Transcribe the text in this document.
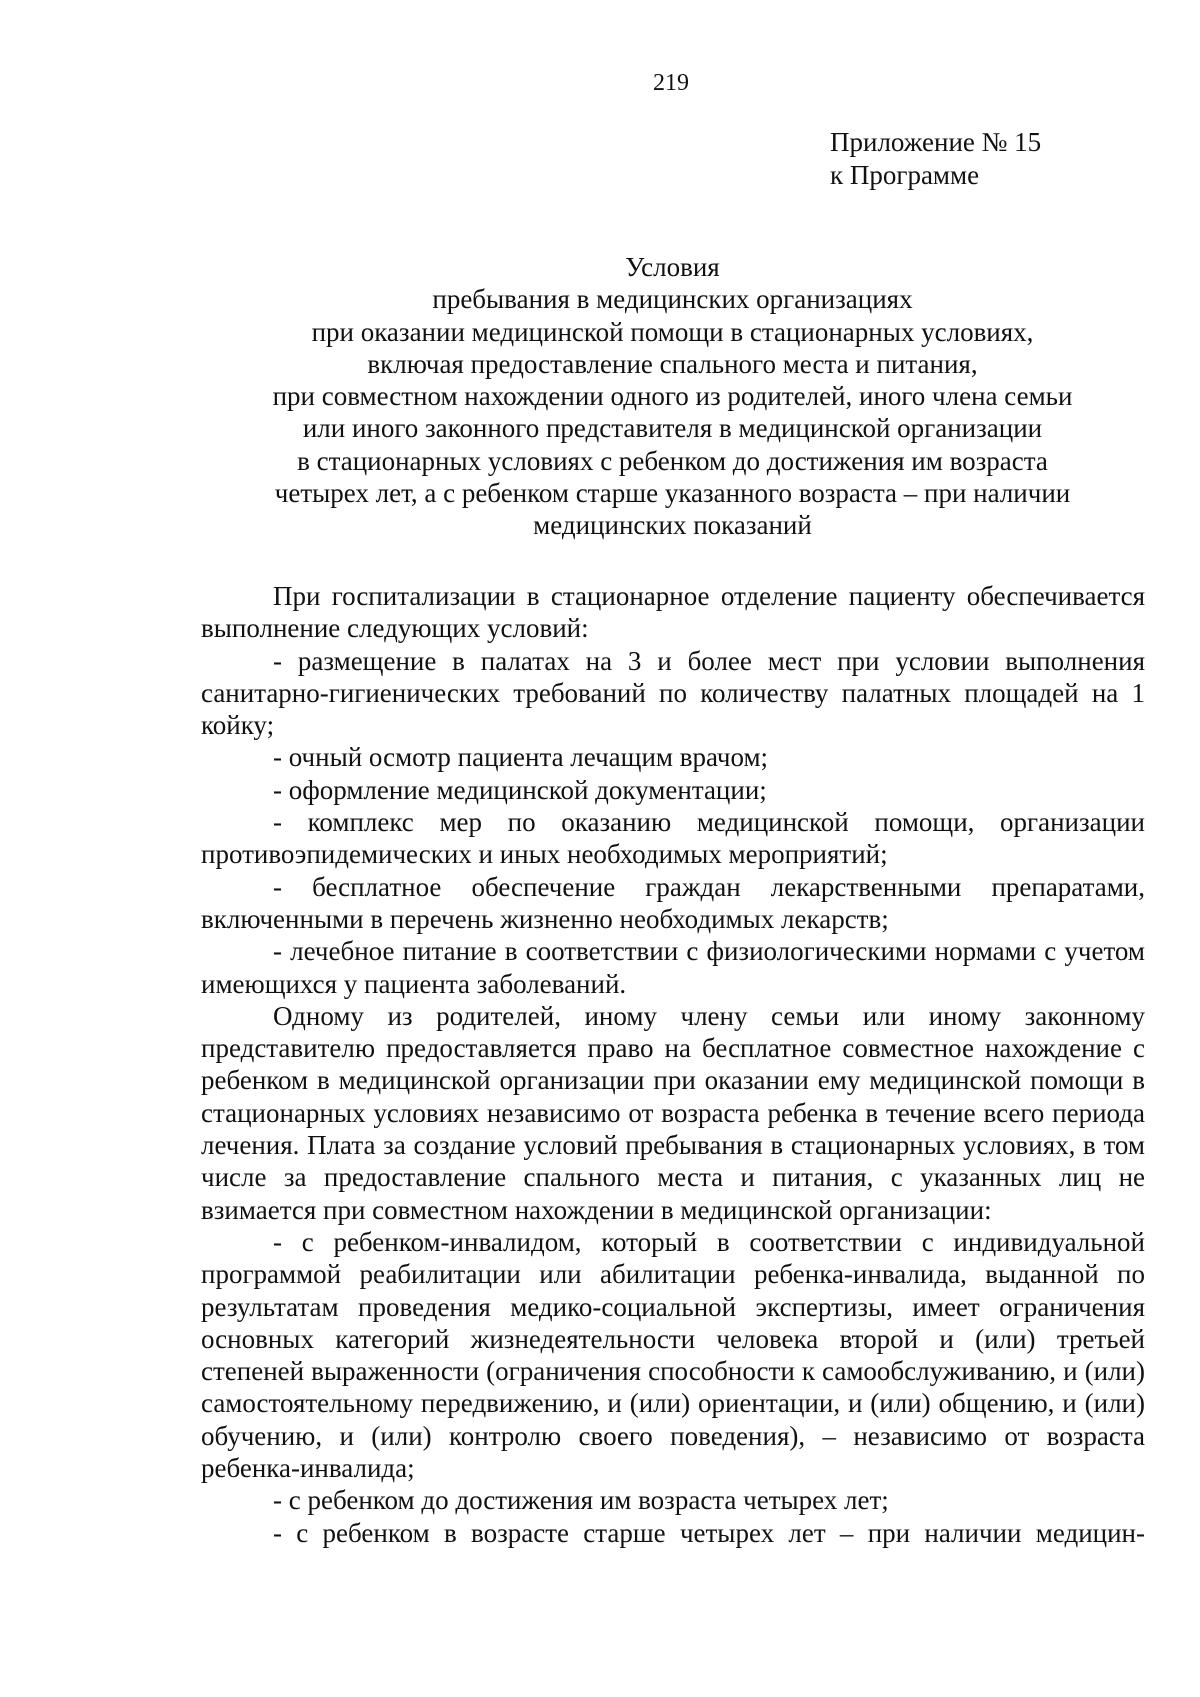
219
Приложение № 15
к Программе
Условия
пребывания в медицинских организациях
при оказании медицинской помощи в стационарных условиях,
включая предоставление спального места и питания,
при совместном нахождении одного из родителей, иного члена семьи
или иного законного представителя в медицинской организации
в стационарных условиях с ребенком до достижения им возраста
четырех лет, а с ребенком старше указанного возраста – при наличии
медицинских показаний

При госпитализации в стационарное отделение пациенту обеспечивается выполнение следующих условий:

- размещение в палатах на 3 и более мест при условии выполнения санитарно-гигиенических требований по количеству палатных площадей на 1 койку;

- очный осмотр пациента лечащим врачом;

- оформление медицинской документации;

- комплекс мер по оказанию медицинской помощи, организации противоэпидемических и иных необходимых мероприятий;

- бесплатное обеспечение граждан лекарственными препаратами, включенными в перечень жизненно необходимых лекарств;

- лечебное питание в соответствии с физиологическими нормами с учетом имеющихся у пациента заболеваний.

Одному из родителей, иному члену семьи или иному законному представителю предоставляется право на бесплатное совместное нахождение с ребенком в медицинской организации при оказании ему медицинской помощи в стационарных условиях независимо от возраста ребенка в течение всего периода лечения. Плата за создание условий пребывания в стационарных условиях, в том числе за предоставление спального места и питания, с указанных лиц не взимается при совместном нахождении в медицинской организации:

- с ребенком-инвалидом, который в соответствии с индивидуальной программой реабилитации или абилитации ребенка-инвалида, выданной по результатам проведения медико-социальной экспертизы, имеет ограничения основных категорий жизнедеятельности человека второй и (или) третьей степеней выраженности (ограничения способности к самообслуживанию, и (или) самостоятельному передвижению, и (или) ориентации, и (или) общению, и (или) обучению, и (или) контролю своего поведения), – независимо от возраста ребенка-инвалида;

- с ребенком до достижения им возраста четырех лет;

- с ребенком в возрасте старше четырех лет – при наличии медицин-
